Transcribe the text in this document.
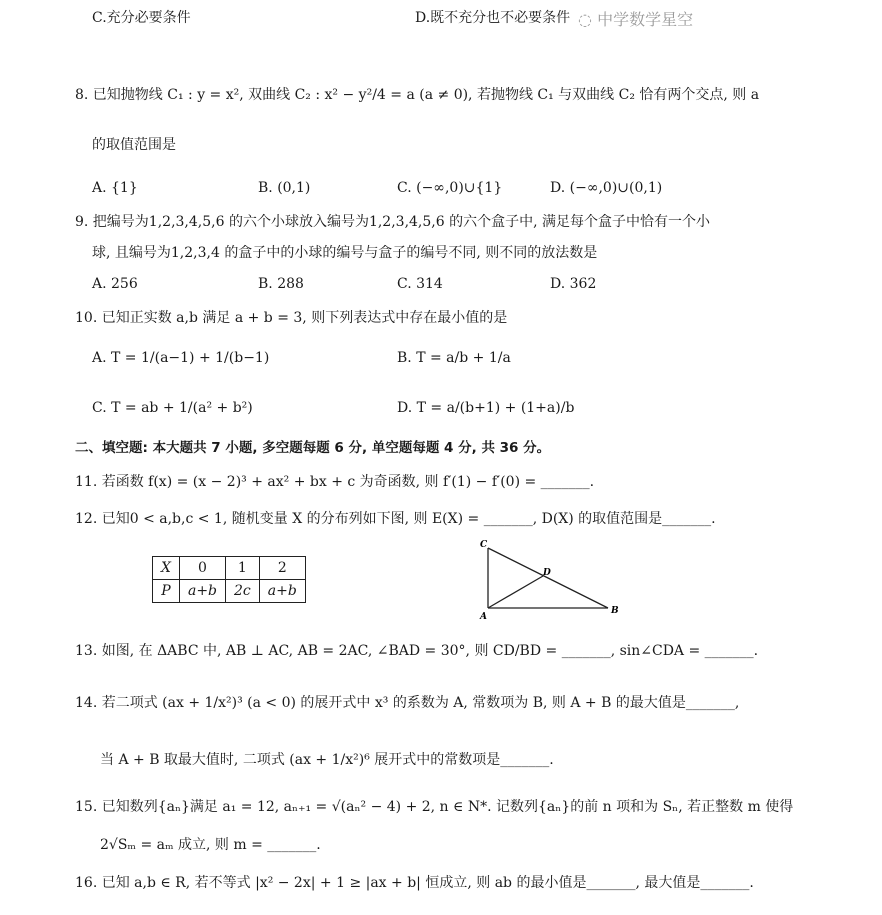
C.充分必要条件	D.既不充分也不必要条件 ◌ 中学数学星空
8. 已知抛物线 C₁ : y = x², 双曲线 C₂ : x² − y²/4 = a (a ≠ 0), 若抛物线 C₁ 与双曲线 C₂ 恰有两个交点, 则 a
的取值范围是
A. {1}	B. (0,1)	C. (−∞,0)∪{1}	D. (−∞,0)∪(0,1)
9. 把编号为1,2,3,4,5,6 的六个小球放入编号为1,2,3,4,5,6 的六个盒子中, 满足每个盒子中恰有一个小
球, 且编号为1,2,3,4 的盒子中的小球的编号与盒子的编号不同, 则不同的放法数是
A. 256	B. 288	C. 314	D. 362
10. 已知正实数 a,b 满足 a + b = 3, 则下列表达式中存在最小值的是
A. T = 1/(a−1) + 1/(b−1)	B. T = a/b + 1/a
C. T = ab + 1/(a² + b²)	D. T = a/(b+1) + (1+a)/b
二、填空题: 本大题共 7 小题, 多空题每题 6 分, 单空题每题 4 分, 共 36 分。
11. 若函数 f(x) = (x − 2)³ + ax² + bx + c 为奇函数, 则 f′(1) − f′(0) = _______.
12. 已知0 < a,b,c < 1, 随机变量 X 的分布列如下图, 则 E(X) = _______, D(X) 的取值范围是_______.
X	0	1	2
P	a+b	2c	a+b
C
D
A
B
13. 如图, 在 ΔABC 中, AB ⊥ AC, AB = 2AC, ∠BAD = 30°, 则 CD/BD = _______, sin∠CDA = _______.
14. 若二项式 (ax + 1/x²)³ (a < 0) 的展开式中 x³ 的系数为 A, 常数项为 B, 则 A + B 的最大值是_______,
当 A + B 取最大值时, 二项式 (ax + 1/x²)⁶ 展开式中的常数项是_______.
15. 已知数列{aₙ}满足 a₁ = 12, aₙ₊₁ = √(aₙ² − 4) + 2, n ∈ N*. 记数列{aₙ}的前 n 项和为 Sₙ, 若正整数 m 使得
2√Sₘ = aₘ 成立, 则 m = _______.
16. 已知 a,b ∈ R, 若不等式 |x² − 2x| + 1 ≥ |ax + b| 恒成立, 则 ab 的最小值是_______, 最大值是_______.
